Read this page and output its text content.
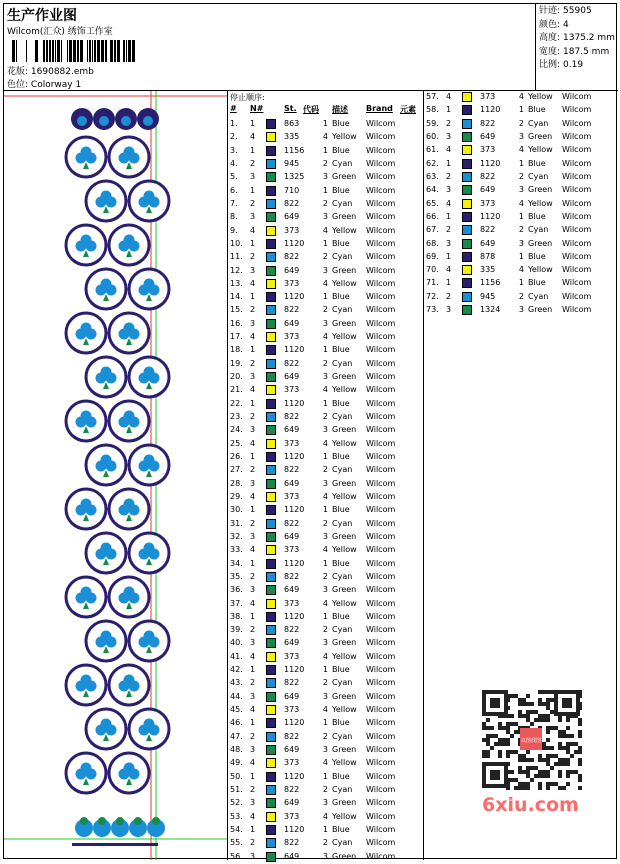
生产作业图
Wilcom(汇众) 绣饰工作室
花版: 1690882.emb
色位: Colorway 1
针迹: 55905
颜色: 4
高度: 1375.2 mm
宽度: 187.5 mm
比例: 0.19
停止顺序:
# N#	St. 代码 描述 Brand 元素
1. 1	863	1 Blue Wilcom
2. 4	335	4 Yellow Wilcom
3. 1	1156 1 Blue Wilcom
4. 2	945	2 Cyan Wilcom
5. 3	1325 3 Green Wilcom
6. 1	710	1 Blue Wilcom
7. 2	822	2 Cyan Wilcom
8. 3	649	3 Green Wilcom
9. 4	373	4 Yellow Wilcom
10. 1	1120 1 Blue Wilcom
11. 2	822	2 Cyan Wilcom
12. 3	649	3 Green Wilcom
13. 4	373	4 Yellow Wilcom
14. 1	1120 1 Blue Wilcom
15. 2	822	2 Cyan Wilcom
16. 3	649	3 Green Wilcom
17. 4	373	4 Yellow Wilcom
18. 1	1120 1 Blue Wilcom
19. 2	822	2 Cyan Wilcom
20. 3	649	3 Green Wilcom
21. 4	373	4 Yellow Wilcom
22. 1	1120 1 Blue Wilcom
23. 2	822	2 Cyan Wilcom
24. 3	649	3 Green Wilcom
25. 4	373	4 Yellow Wilcom
26. 1	1120 1 Blue Wilcom
27. 2	822	2 Cyan Wilcom
28. 3	649	3 Green Wilcom
29. 4	373	4 Yellow Wilcom
30. 1	1120 1 Blue Wilcom
31. 2	822	2 Cyan Wilcom
32. 3	649	3 Green Wilcom
33. 4	373	4 Yellow Wilcom
34. 1	1120 1 Blue Wilcom
35. 2	822	2 Cyan Wilcom
36. 3	649	3 Green Wilcom
37. 4	373	4 Yellow Wilcom
38. 1	1120 1 Blue Wilcom
39. 2	822	2 Cyan Wilcom
40. 3	649	3 Green Wilcom
41. 4	373	4 Yellow Wilcom
42. 1	1120 1 Blue Wilcom
43. 2	822	2 Cyan Wilcom
44. 3	649	3 Green Wilcom
45. 4	373	4 Yellow Wilcom
46. 1	1120 1 Blue Wilcom
47. 2	822	2 Cyan Wilcom
48. 3	649	3 Green Wilcom
49. 4	373	4 Yellow Wilcom
50. 1	1120 1 Blue Wilcom
51. 2	822	2 Cyan Wilcom
52. 3	649	3 Green Wilcom
53. 4	373	4 Yellow Wilcom
54. 1	1120 1 Blue Wilcom
55. 2	822	2 Cyan Wilcom
56. 3	649	3 Green Wilcom
57. 4	373	4 Yellow Wilcom
58. 1	1120 1 Blue Wilcom
59. 2	822	2 Cyan Wilcom
60. 3	649	3 Green Wilcom
61. 4	373	4 Yellow Wilcom
62. 1	1120 1 Blue Wilcom
63. 2	822	2 Cyan Wilcom
64. 3	649	3 Green Wilcom
65. 4	373	4 Yellow Wilcom
66. 1	1120 1 Blue Wilcom
67. 2	822	2 Cyan Wilcom
68. 3	649	3 Green Wilcom
69. 1	878	1 Blue Wilcom
70. 4	335	4 Yellow Wilcom
71. 1	1156 1 Blue Wilcom
72. 2	945	2 Cyan Wilcom
73. 3	1324 3 Green Wilcom
以图找图
6xiu.com
